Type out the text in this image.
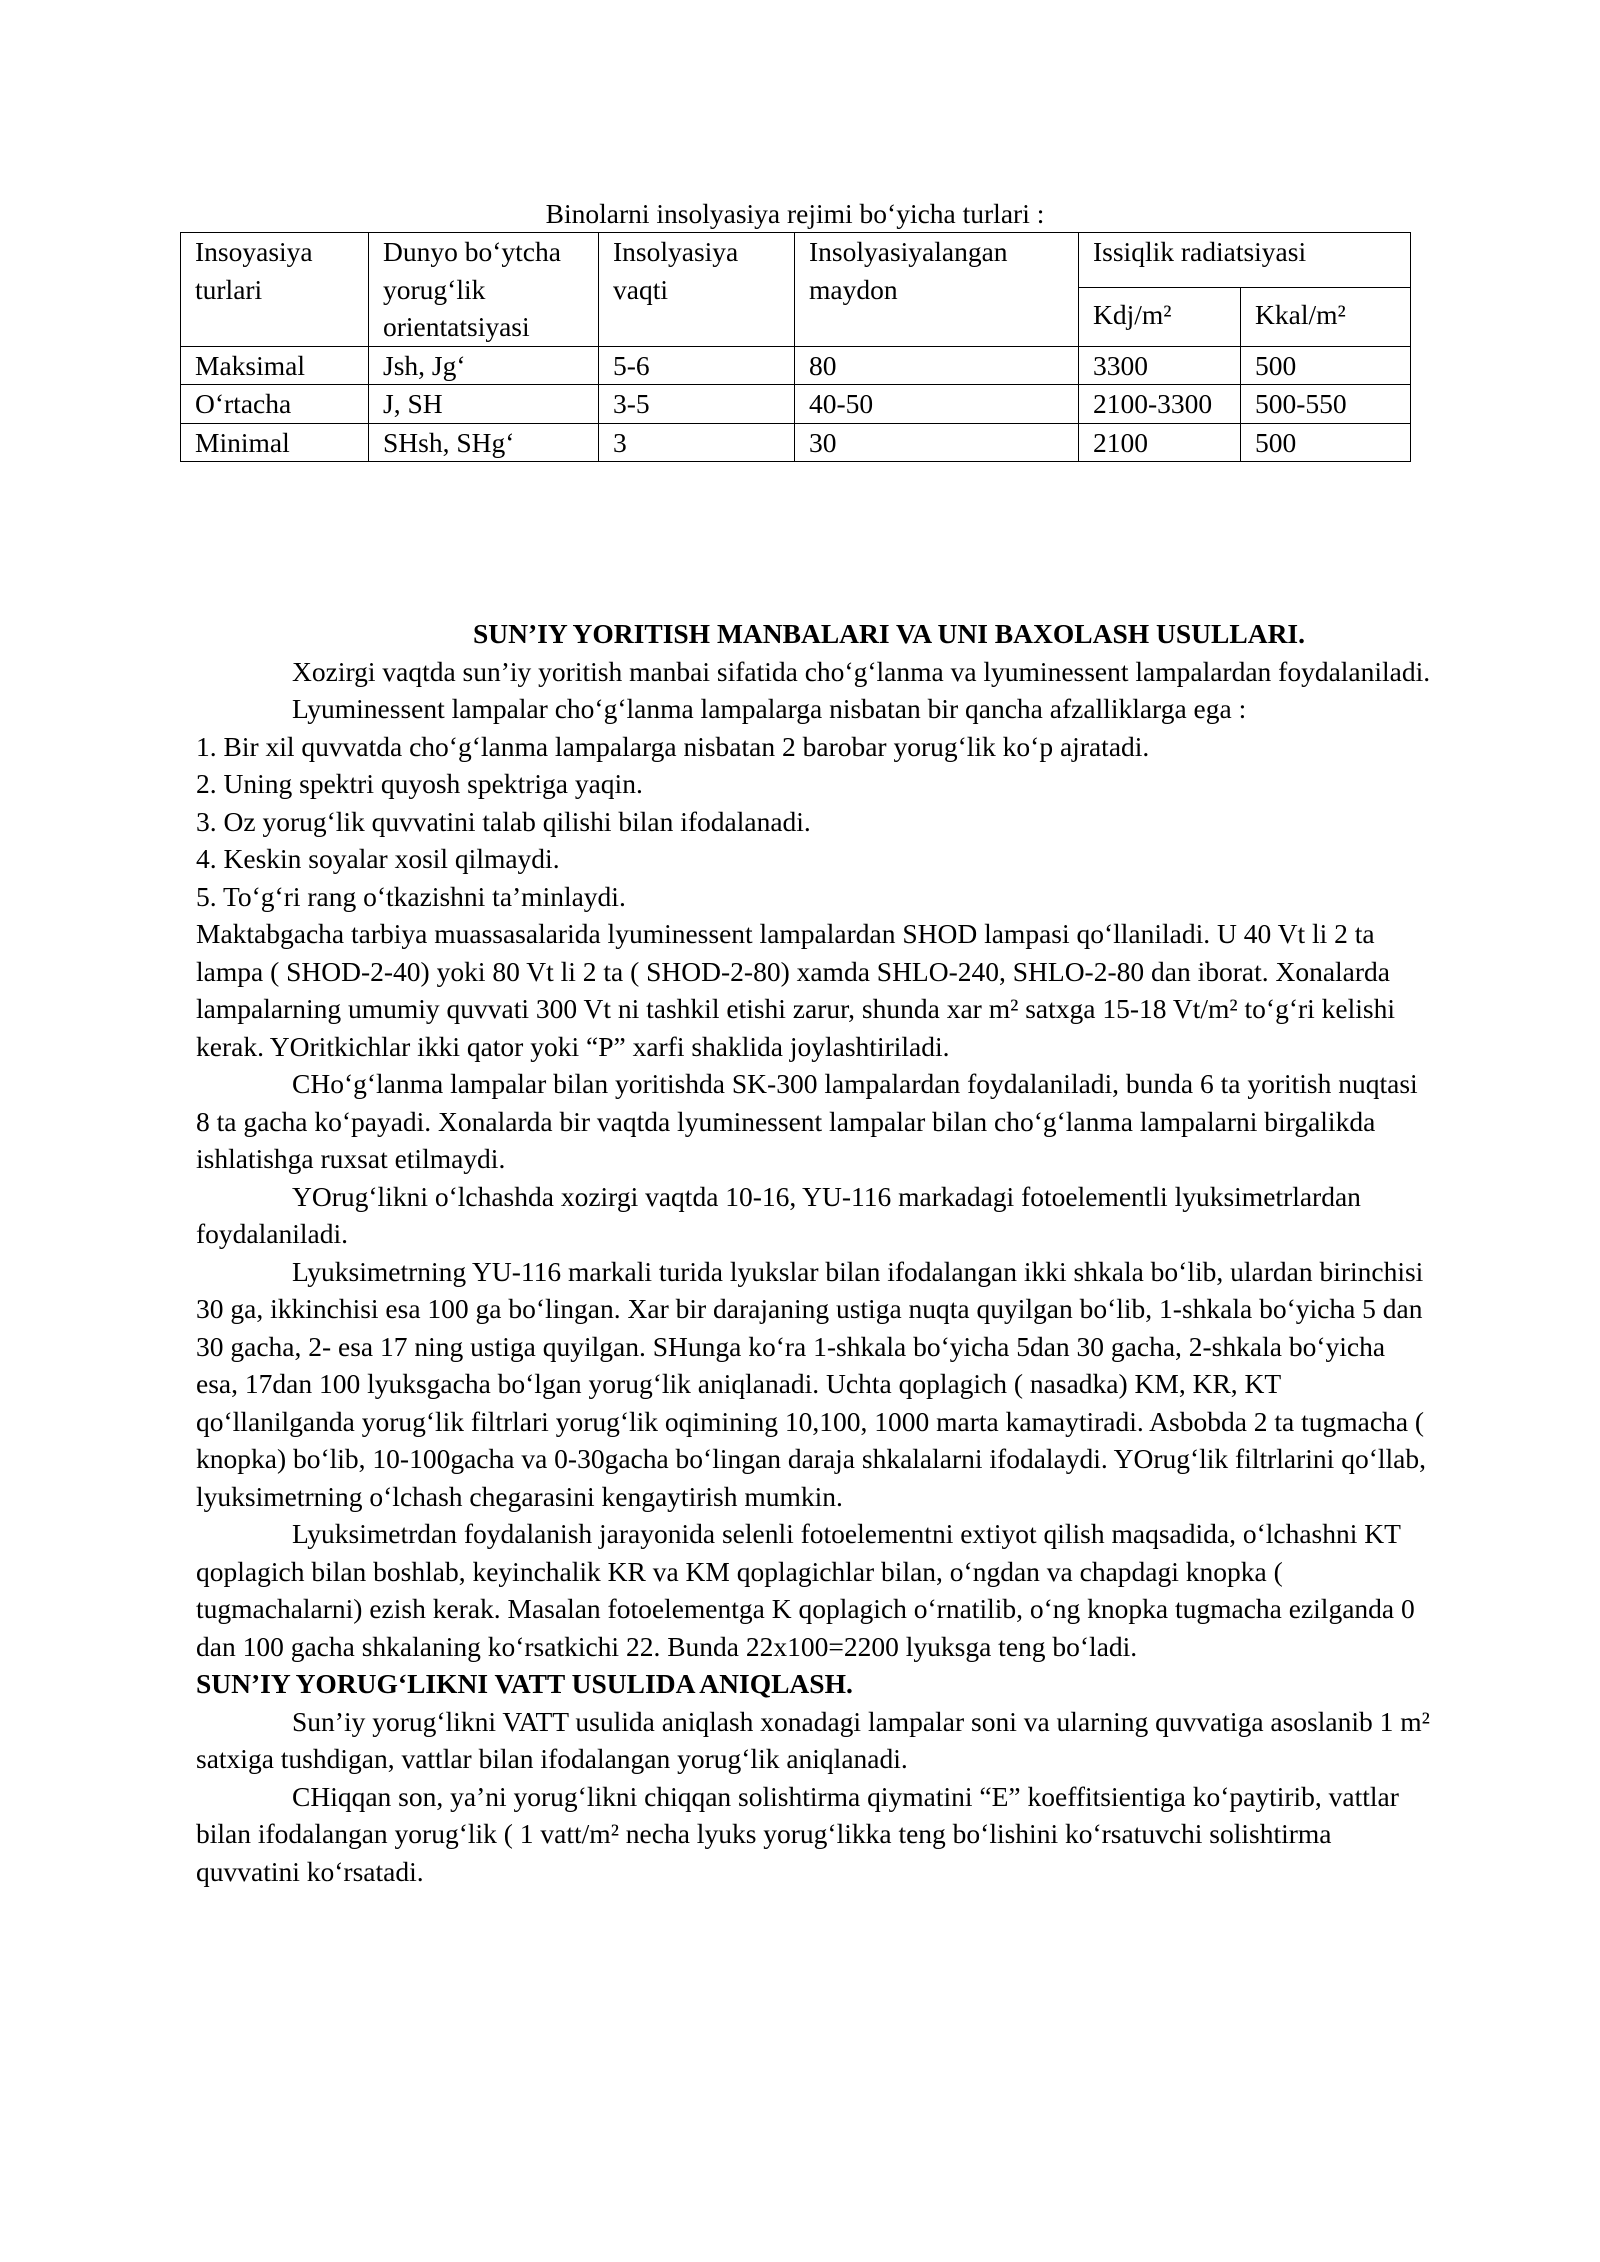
Binolarni insolyasiya rejimi bo‘yicha turlari :
Insoyasiya turlari	Dunyo bo‘ytcha yorug‘lik orientatsiyasi	Insolyasiya vaqti	Insolyasiyalangan maydon	Issiqlik radiatsiyasi	
				Kdj/m²	Kkal/m²
Maksimal	Jsh, Jg‘	5-6	80	3300	500
O‘rtacha	J, SH	3-5	40-50	2100-3300	500-550
Minimal	SHsh, SHg‘	3	30	2100	500

SUN’IY YORITISH MANBALARI VA UNI BAXOLASH USULLARI.

Xozirgi vaqtda sun’iy yoritish manbai sifatida cho‘g‘lanma va lyuminessent lampalardan foydalaniladi.

Lyuminessent lampalar cho‘g‘lanma lampalarga nisbatan bir qancha afzalliklarga ega :

1. Bir xil quvvatda cho‘g‘lanma lampalarga nisbatan 2 barobar yorug‘lik ko‘p ajratadi.

2. Uning spektri quyosh spektriga yaqin.

3. Oz yorug‘lik quvvatini talab qilishi bilan ifodalanadi.

4. Keskin soyalar xosil qilmaydi.

5. To‘g‘ri rang o‘tkazishni ta’minlaydi.

Maktabgacha tarbiya muassasalarida lyuminessent lampalardan SHOD lampasi qo‘llaniladi. U 40 Vt li 2 ta lampa ( SHOD-2-40) yoki 80 Vt li 2 ta ( SHOD-2-80) xamda SHLO-240, SHLO-2-80 dan iborat. Xonalarda lampalarning umumiy quvvati 300 Vt ni tashkil etishi zarur, shunda xar m² satxga 15-18 Vt/m² to‘g‘ri kelishi kerak. YOritkichlar ikki qator yoki “P” xarfi shaklida joylashtiriladi.

CHo‘g‘lanma lampalar bilan yoritishda SK-300 lampalardan foydalaniladi, bunda 6 ta yoritish nuqtasi 8 ta gacha ko‘payadi. Xonalarda bir vaqtda lyuminessent lampalar bilan cho‘g‘lanma lampalarni birgalikda ishlatishga ruxsat etilmaydi.

YOrug‘likni o‘lchashda xozirgi vaqtda 10-16, YU-116 markadagi fotoelementli lyuksimetrlardan foydalaniladi.

Lyuksimetrning YU-116 markali turida lyukslar bilan ifodalangan ikki shkala bo‘lib, ulardan birinchisi 30 ga, ikkinchisi esa 100 ga bo‘lingan. Xar bir darajaning ustiga nuqta quyilgan bo‘lib, 1-shkala bo‘yicha 5 dan 30 gacha, 2- esa 17 ning ustiga quyilgan. SHunga ko‘ra 1-shkala bo‘yicha 5dan 30 gacha, 2-shkala bo‘yicha esa, 17dan 100 lyuksgacha bo‘lgan yorug‘lik aniqlanadi. Uchta qoplagich ( nasadka) KM, KR, KT qo‘llanilganda yorug‘lik filtrlari yorug‘lik oqimining 10,100, 1000 marta kamaytiradi. Asbobda 2 ta tugmacha ( knopka) bo‘lib, 10-100gacha va 0-30gacha bo‘lingan daraja shkalalarni ifodalaydi. YOrug‘lik filtrlarini qo‘llab, lyuksimetrning o‘lchash chegarasini kengaytirish mumkin.

Lyuksimetrdan foydalanish jarayonida selenli fotoelementni extiyot qilish maqsadida, o‘lchashni KT qoplagich bilan boshlab, keyinchalik KR va KM qoplagichlar bilan, o‘ngdan va chapdagi knopka ( tugmachalarni) ezish kerak. Masalan fotoelementga K qoplagich o‘rnatilib, o‘ng knopka tugmacha ezilganda 0 dan 100 gacha shkalaning ko‘rsatkichi 22. Bunda 22x100=2200 lyuksga teng bo‘ladi.

SUN’IY YORUG‘LIKNI VATT USULIDA ANIQLASH.

Sun’iy yorug‘likni VATT usulida aniqlash xonadagi lampalar soni va ularning quvvatiga asoslanib 1 m² satxiga tushdigan, vattlar bilan ifodalangan yorug‘lik aniqlanadi.

CHiqqan son, ya’ni yorug‘likni chiqqan solishtirma qiymatini “E” koeffitsientiga ko‘paytirib, vattlar bilan ifodalangan yorug‘lik ( 1 vatt/m² necha lyuks yorug‘likka teng bo‘lishini ko‘rsatuvchi solishtirma quvvatini ko‘rsatadi.
